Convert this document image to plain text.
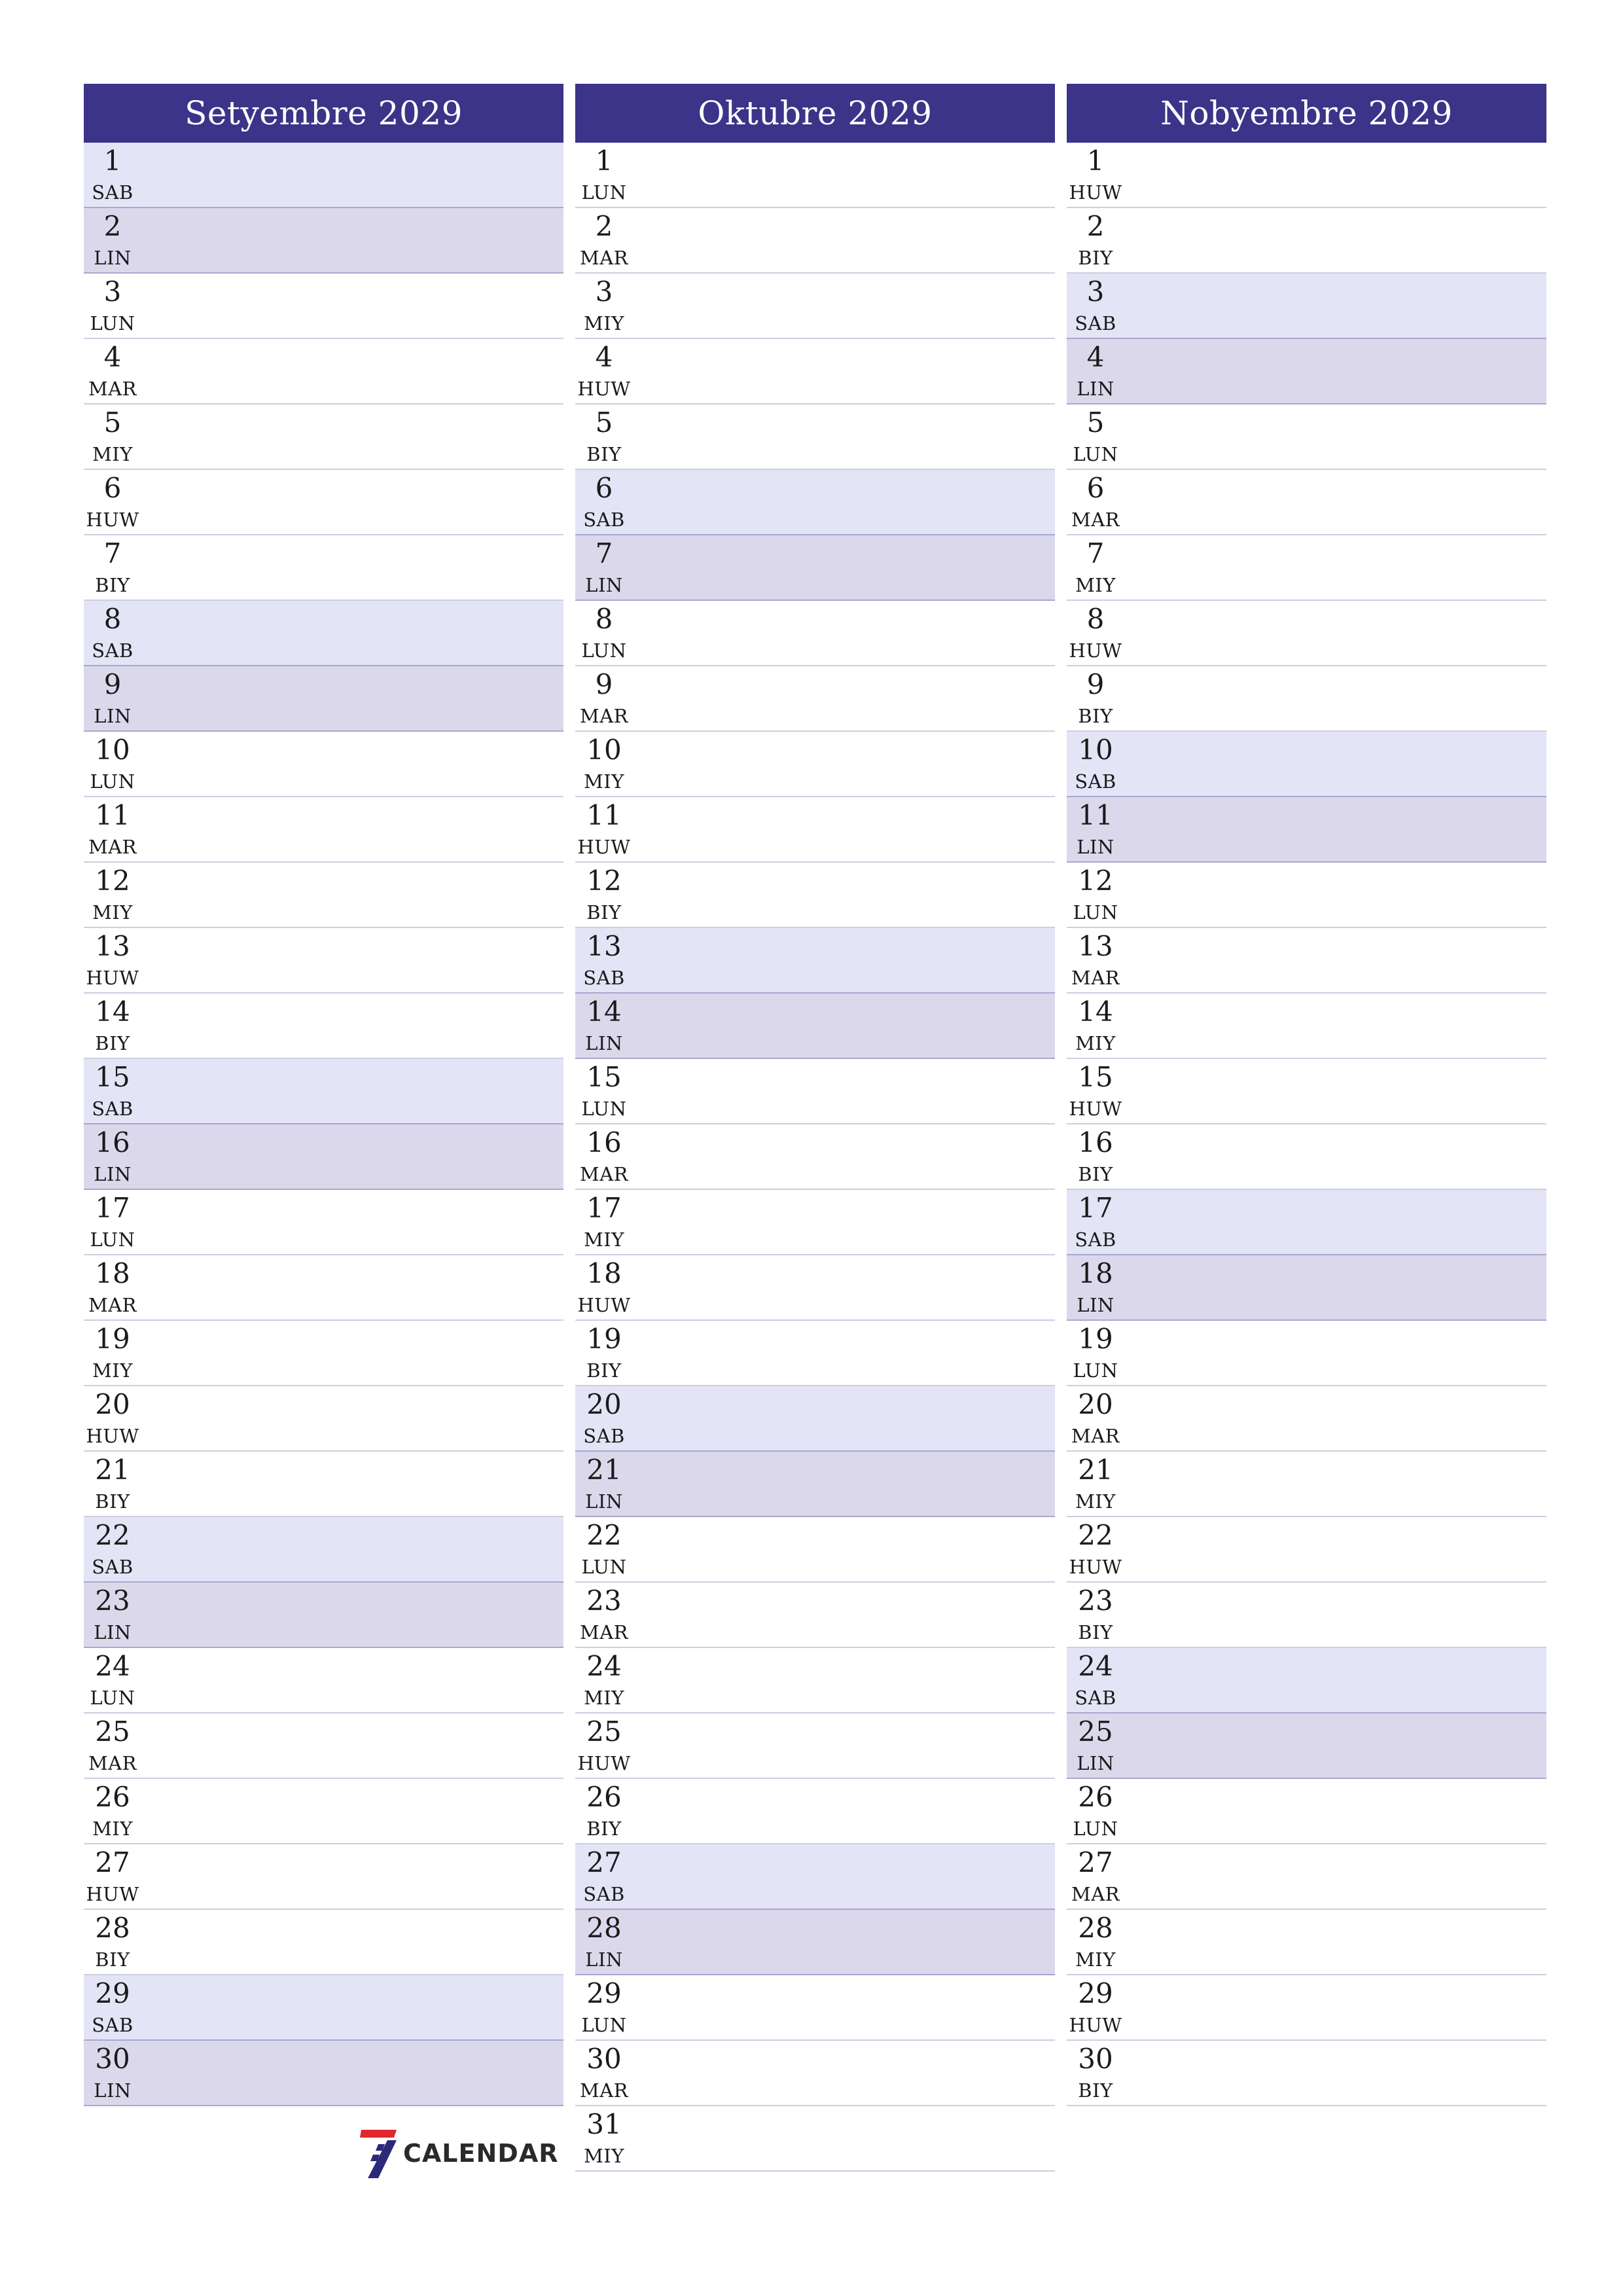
Setyembre 2029
1
SAB
2
LIN
3
LUN
4
MAR
5
MIY
6
HUW
7
BIY
8
SAB
9
LIN
10
LUN
11
MAR
12
MIY
13
HUW
14
BIY
15
SAB
16
LIN
17
LUN
18
MAR
19
MIY
20
HUW
21
BIY
22
SAB
23
LIN
24
LUN
25
MAR
26
MIY
27
HUW
28
BIY
29
SAB
30
LIN
Oktubre 2029
1
LUN
2
MAR
3
MIY
4
HUW
5
BIY
6
SAB
7
LIN
8
LUN
9
MAR
10
MIY
11
HUW
12
BIY
13
SAB
14
LIN
15
LUN
16
MAR
17
MIY
18
HUW
19
BIY
20
SAB
21
LIN
22
LUN
23
MAR
24
MIY
25
HUW
26
BIY
27
SAB
28
LIN
29
LUN
30
MAR
31
MIY
Nobyembre 2029
1
HUW
2
BIY
3
SAB
4
LIN
5
LUN
6
MAR
7
MIY
8
HUW
9
BIY
10
SAB
11
LIN
12
LUN
13
MAR
14
MIY
15
HUW
16
BIY
17
SAB
18
LIN
19
LUN
20
MAR
21
MIY
22
HUW
23
BIY
24
SAB
25
LIN
26
LUN
27
MAR
28
MIY
29
HUW
30
BIY
CALENDAR
